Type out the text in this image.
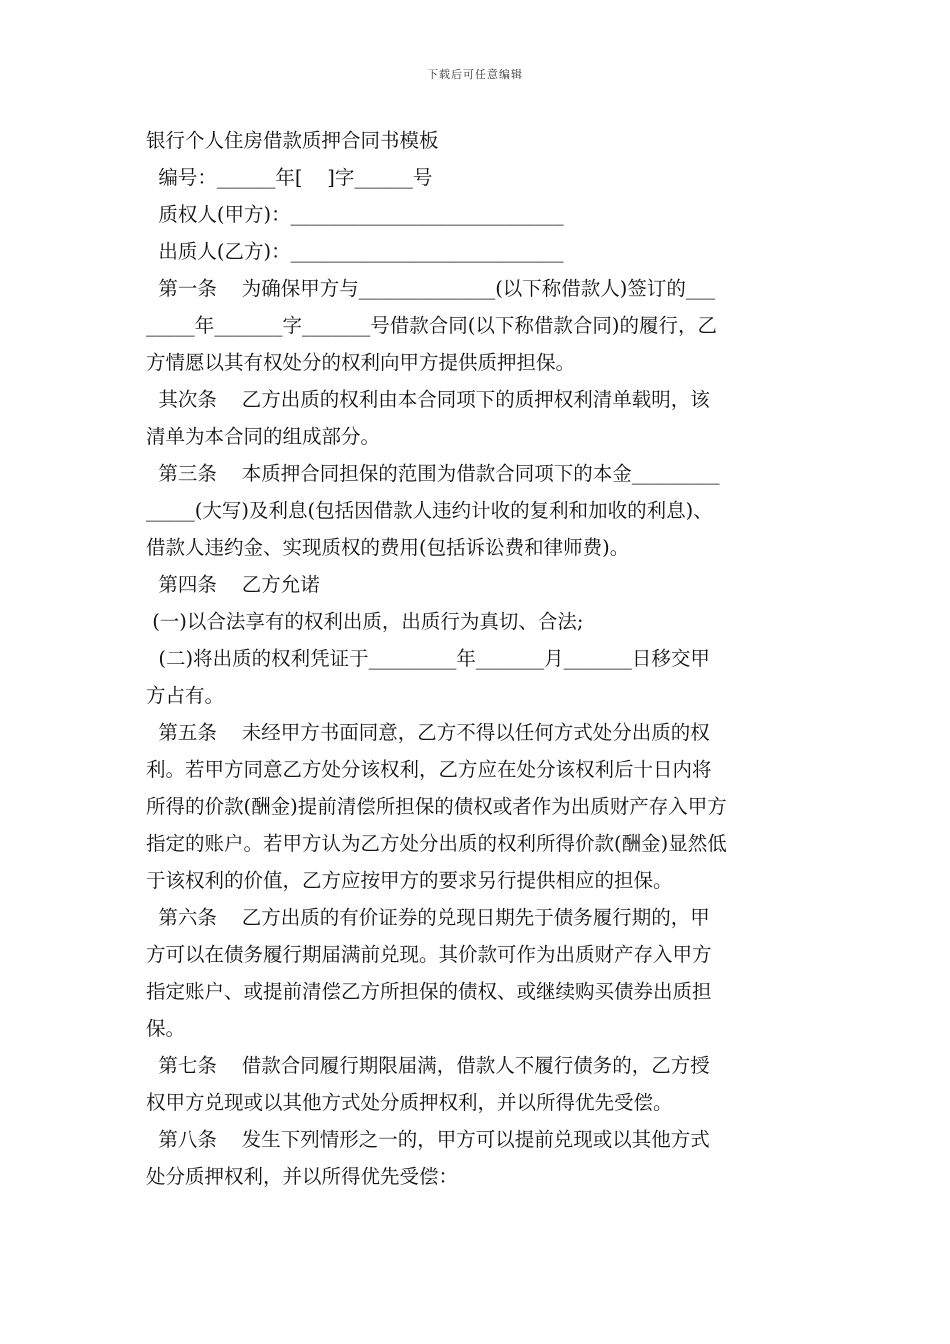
下载后可任意编辑
银行个人住房借款质押合同书模板
编号：______年[    ]字______号
质权人(甲方)：____________________________
出质人(乙方)：____________________________
第一条    为确保甲方与______________(以下称借款人)签订的___
_____年_______字_______号借款合同(以下称借款合同)的履行，乙
方情愿以其有权处分的权利向甲方提供质押担保。
其次条    乙方出质的权利由本合同项下的质押权利清单载明，该
清单为本合同的组成部分。
第三条    本质押合同担保的范围为借款合同项下的本金_________
_____(大写)及利息(包括因借款人违约计收的复利和加收的利息)、
借款人违约金、实现质权的费用(包括诉讼费和律师费)。
第四条    乙方允诺
(一)以合法享有的权利出质，出质行为真切、合法;
(二)将出质的权利凭证于_________年_______月_______日移交甲
方占有。
第五条    未经甲方书面同意，乙方不得以任何方式处分出质的权
利。若甲方同意乙方处分该权利，乙方应在处分该权利后十日内将
所得的价款(酬金)提前清偿所担保的债权或者作为出质财产存入甲方
指定的账户。若甲方认为乙方处分出质的权利所得价款(酬金)显然低
于该权利的价值，乙方应按甲方的要求另行提供相应的担保。
第六条    乙方出质的有价证券的兑现日期先于债务履行期的，甲
方可以在债务履行期届满前兑现。其价款可作为出质财产存入甲方
指定账户、或提前清偿乙方所担保的债权、或继续购买债券出质担
保。
第七条    借款合同履行期限届满，借款人不履行债务的，乙方授
权甲方兑现或以其他方式处分质押权利，并以所得优先受偿。
第八条    发生下列情形之一的，甲方可以提前兑现或以其他方式
处分质押权利，并以所得优先受偿：
